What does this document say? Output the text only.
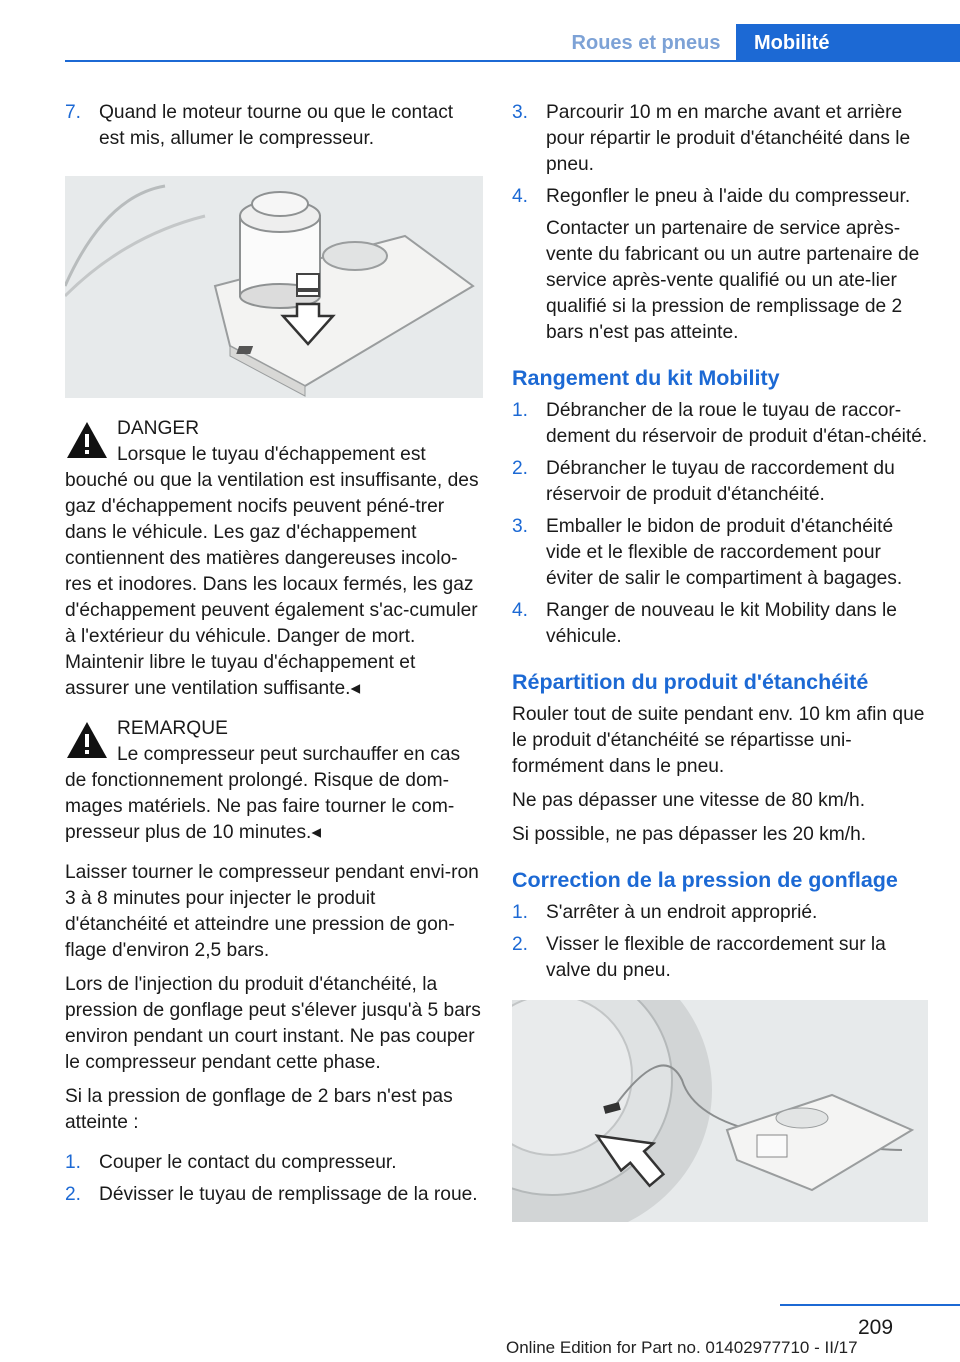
Roues et pneus	Mobilité
7. Quand le moteur tourne ou que le contact est mis, allumer le compresseur.
DANGER
Lorsque le tuyau d'échappement est
bouché ou que la ventilation est insuffisante, des gaz d'échappement nocifs peuvent péné-trer dans le véhicule. Les gaz d'échappement contiennent des matières dangereuses incolo-res et inodores. Dans les locaux fermés, les gaz d'échappement peuvent également s'ac-cumuler à l'extérieur du véhicule. Danger de mort. Maintenir libre le tuyau d'échappement et assurer une ventilation suffisante.◂
REMARQUE
Le compresseur peut surchauffer en cas
de fonctionnement prolongé. Risque de dom-mages matériels. Ne pas faire tourner le com-presseur plus de 10 minutes.◂

Laisser tourner le compresseur pendant envi-ron 3 à 8 minutes pour injecter le produit d'étanchéité et atteindre une pression de gon-flage d'environ 2,5 bars.

Lors de l'injection du produit d'étanchéité, la pression de gonflage peut s'élever jusqu'à 5 bars environ pendant un court instant. Ne pas couper le compresseur pendant cette phase.

Si la pression de gonflage de 2 bars n'est pas atteinte :

1. Couper le contact du compresseur.
2. Dévisser le tuyau de remplissage de la roue.
3. Parcourir 10 m en marche avant et arrière pour répartir le produit d'étanchéité dans le pneu.
4. Regonfler le pneu à l'aide du compresseur.

Contacter un partenaire de service après-vente du fabricant ou un autre partenaire de service après-vente qualifié ou un ate-lier qualifié si la pression de remplissage de 2 bars n'est pas atteinte.

Rangement du kit Mobility
1. Débrancher de la roue le tuyau de raccor-dement du réservoir de produit d'étan-chéité.
2. Débrancher le tuyau de raccordement du réservoir de produit d'étanchéité.
3. Emballer le bidon de produit d'étanchéité vide et le flexible de raccordement pour éviter de salir le compartiment à bagages.
4. Ranger de nouveau le kit Mobility dans le véhicule.
Répartition du produit d'étanchéité

Rouler tout de suite pendant env. 10 km afin que le produit d'étanchéité se répartisse uni-formément dans le pneu.

Ne pas dépasser une vitesse de 80 km/h.

Si possible, ne pas dépasser les 20 km/h.

Correction de la pression de gonflage
1. S'arrêter à un endroit approprié.
2. Visser le flexible de raccordement sur la valve du pneu.
209
Online Edition for Part no. 01402977710 - II/17
